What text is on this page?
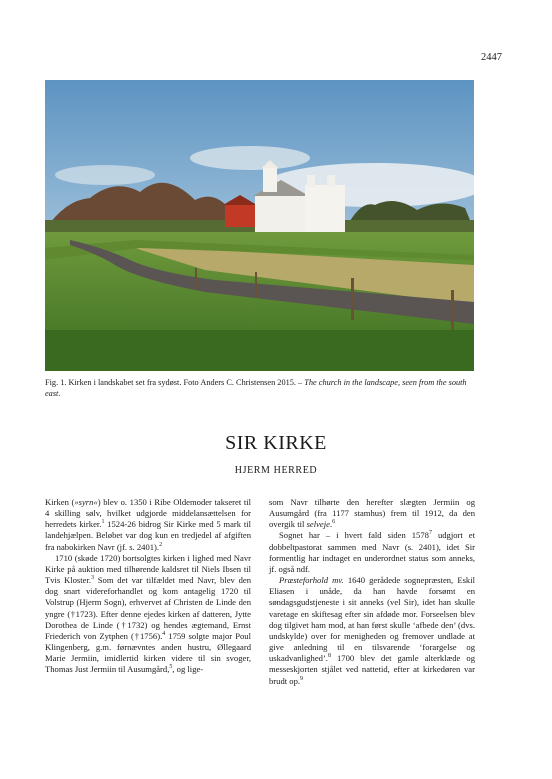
2447
Fig. 1. Kirken i landskabet set fra sydøst. Foto Anders C. Christensen 2015. – The church in the landscape, seen from the south east.
SIR KIRKE
HJERM HERRED

Kirken (»syrn«) blev o. 1350 i Ribe Oldemoder takseret til 4 skilling sølv, hvilket udgjorde middelansættelsen for herredets kirker.$^1$ 1524-26 bidrog Sir Kirke med 5 mark til landehjælpen. Beløbet var dog kun en tredjedel af afgiften fra nabokirken Navr (jf. s. 2401).$^2$

1710 (skøde 1720) bortsolgtes kirken i lighed med Navr Kirke på auktion med tilhørende kaldsret til Niels Ibsen til Tvis Kloster.$^3$ Som det var tilfældet med Navr, blev den dog snart videreforhandlet og kom antagelig 1720 til Volstrup (Hjerm Sogn), erhvervet af Christen de Linde den yngre (†1723). Efter denne ejedes kirken af datteren, Jytte Dorothea de Linde (†1732) og hendes ægtemand, Ernst Friederich von Zytphen (†1756).$^4$ 1759 solgte major Poul Klingenberg, g.m. førnævntes anden hustru, Øllegaard Marie Jermiin, imidlertid kirken videre til sin svoger, Thomas Just Jermiin til Ausumgård,$^5$, og lige-

som Navr tilhørte den herefter slægten Jermiin og Ausumgård (fra 1177 stamhus) frem til 1912, da den overgik til selveje.$^6$

Sognet har – i hvert fald siden 1578$^7$ udgjort et dobbeltpastorat sammen med Navr (s. 2401), idet Sir formentlig har indtaget en underordnet status som anneks, jf. også ndf.

Præsteforhold mv. 1640 gerådede sognepræsten, Eskil Eliasen i unåde, da han havde forsømt en søndagsgudstjeneste i sit anneks (vel Sir), idet han skulle varetage en skiftesag efter sin afdøde mor. Forseelsen blev dog tilgivet ham mod, at han først skulle ‘afbede den’ (dvs. undskylde) over for menigheden og fremover undlade at give anledning til en tilsvarende ‘forargelse og uskadvanlighed’.$^8$ 1700 blev det gamle alterklæde og messeskjorten stjålet ved nattetid, efter at kirkedøren var brudt op.$^9$
